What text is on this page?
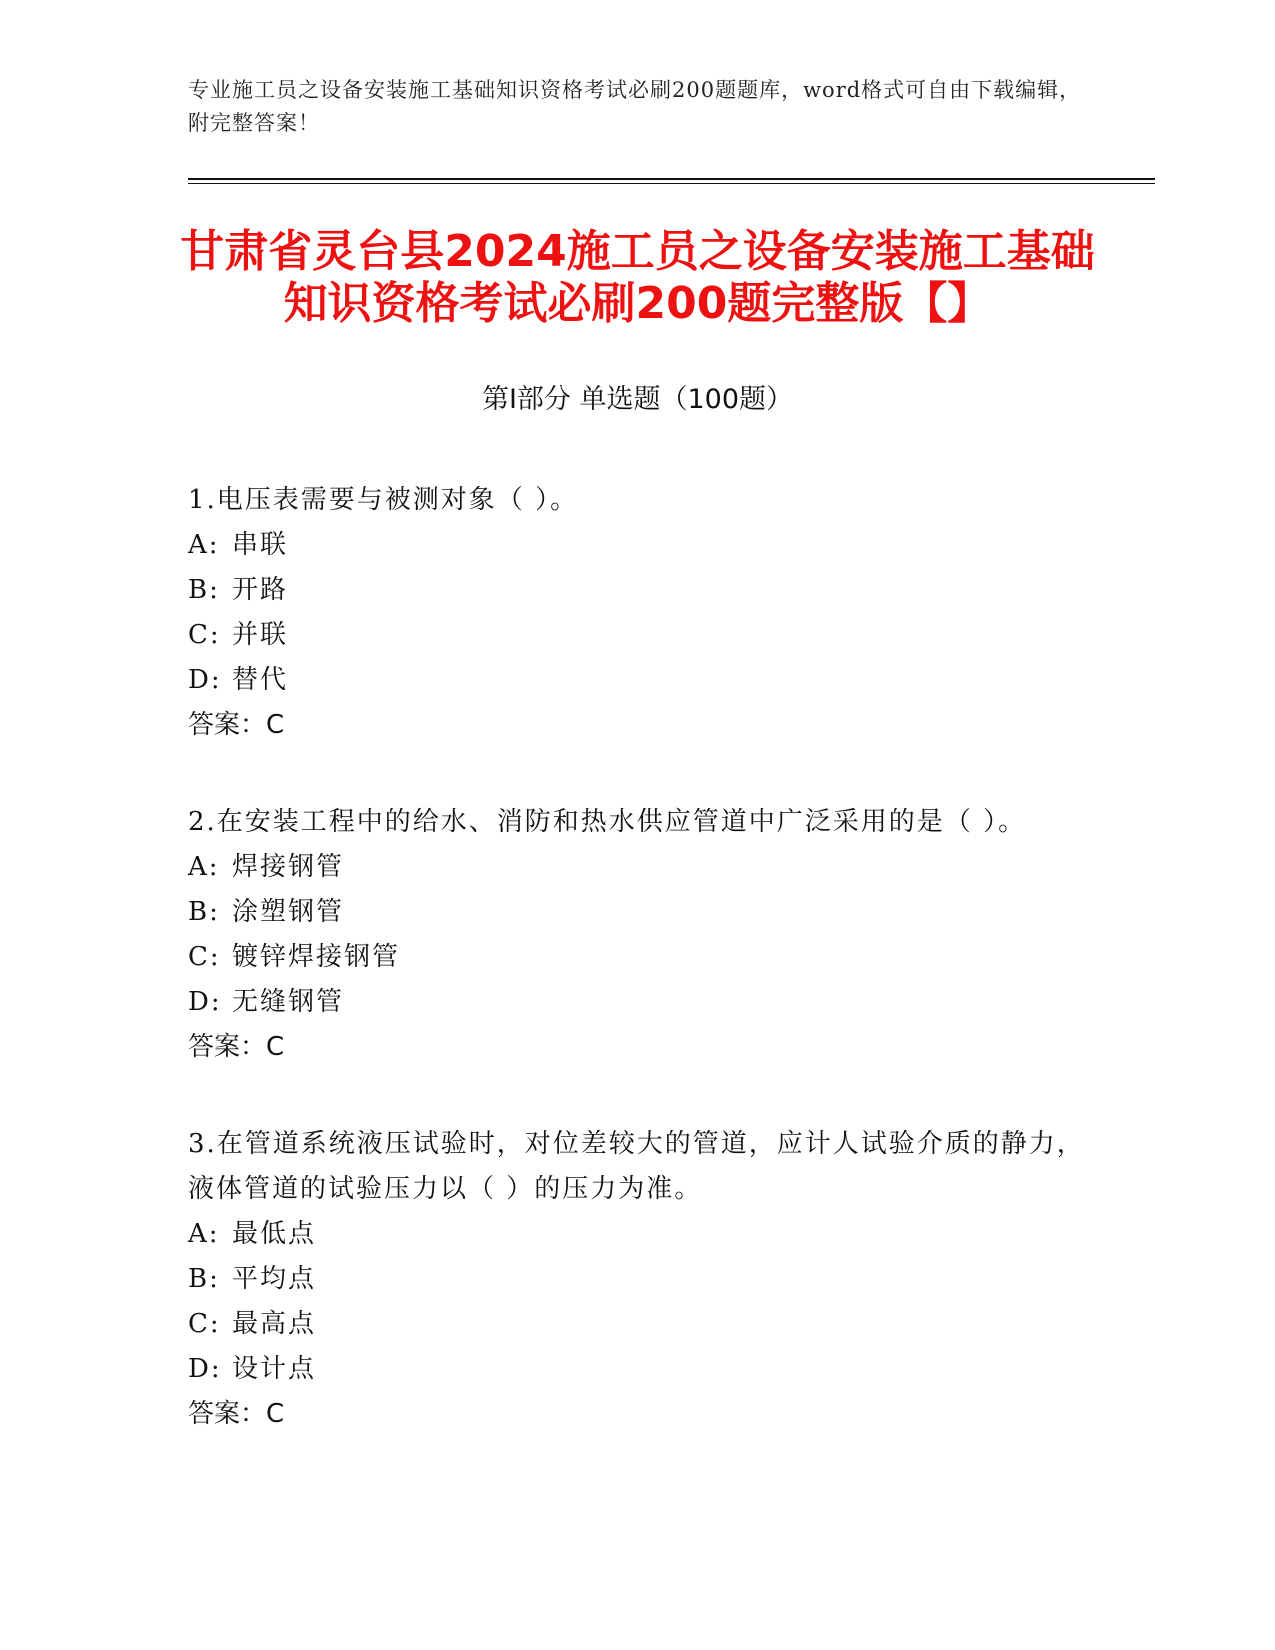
专业施工员之设备安装施工基础知识资格考试必刷200题题库，word格式可自由下载编辑，附完整答案！
甘肃省灵台县2024施工员之设备安装施工基础知识资格考试必刷200题完整版【】
第Ⅰ部分 单选题（100题）

1.电压表需要与被测对象（ ）。

A: 串联

B: 开路

C: 并联

D: 替代

答案：C

2.在安装工程中的给水、消防和热水供应管道中广泛采用的是（ ）。

A: 焊接钢管

B: 涂塑钢管

C: 镀锌焊接钢管

D: 无缝钢管

答案：C

3.在管道系统液压试验时，对位差较大的管道，应计人试验介质的静力，液体管道的试验压力以（ ）的压力为准。

A: 最低点

B: 平均点

C: 最高点

D: 设计点

答案：C
